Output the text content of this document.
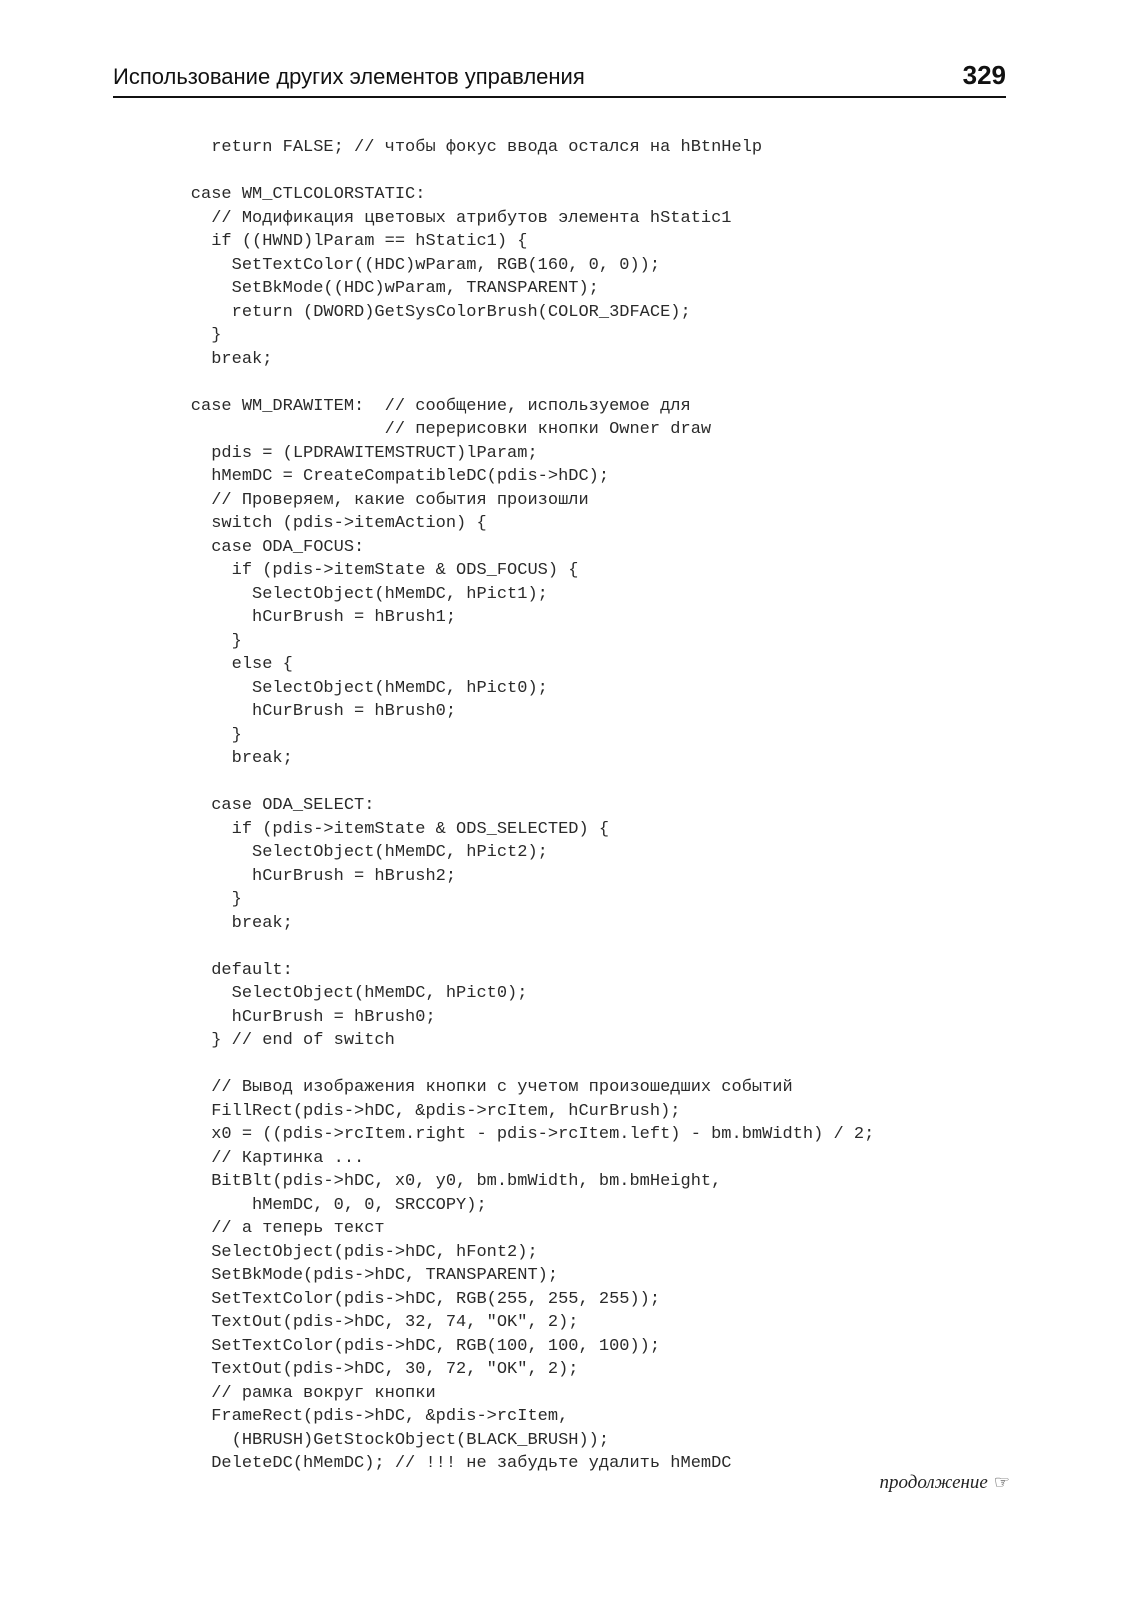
Использование других элементов управления	329
return FALSE; // чтобы фокус ввода остался на hBtnHelp
case WM_CTLCOLORSTATIC:
// Модификация цветовых атрибутов элемента hStatic1
if ((HWND)lParam == hStatic1) {
SetTextColor((HDC)wParam, RGB(160, 0, 0));
SetBkMode((HDC)wParam, TRANSPARENT);
return (DWORD)GetSysColorBrush(COLOR_3DFACE);
}
break;
case WM_DRAWITEM:  // сообщение, используемое для
// перерисовки кнопки Owner draw
pdis = (LPDRAWITEMSTRUCT)lParam;
hMemDC = CreateCompatibleDC(pdis->hDC);
// Проверяем, какие события произошли
switch (pdis->itemAction) {
case ODA_FOCUS:
if (pdis->itemState & ODS_FOCUS) {
SelectObject(hMemDC, hPict1);
hCurBrush = hBrush1;
}
else {
SelectObject(hMemDC, hPict0);
hCurBrush = hBrush0;
}
break;
case ODA_SELECT:
if (pdis->itemState & ODS_SELECTED) {
SelectObject(hMemDC, hPict2);
hCurBrush = hBrush2;
}
break;
default:
SelectObject(hMemDC, hPict0);
hCurBrush = hBrush0;
} // end of switch
// Вывод изображения кнопки с учетом произошедших событий
FillRect(pdis->hDC, &pdis->rcItem, hCurBrush);
x0 = ((pdis->rcItem.right - pdis->rcItem.left) - bm.bmWidth) / 2;
// Картинка ...
BitBlt(pdis->hDC, x0, y0, bm.bmWidth, bm.bmHeight,
hMemDC, 0, 0, SRCCOPY);
// а теперь текст
SelectObject(pdis->hDC, hFont2);
SetBkMode(pdis->hDC, TRANSPARENT);
SetTextColor(pdis->hDC, RGB(255, 255, 255));
TextOut(pdis->hDC, 32, 74, "OK", 2);
SetTextColor(pdis->hDC, RGB(100, 100, 100));
TextOut(pdis->hDC, 30, 72, "OK", 2);
// рамка вокруг кнопки
FrameRect(pdis->hDC, &pdis->rcItem,
(HBRUSH)GetStockObject(BLACK_BRUSH));
DeleteDC(hMemDC); // !!! не забудьте удалить hMemDC
продолжение ☞
